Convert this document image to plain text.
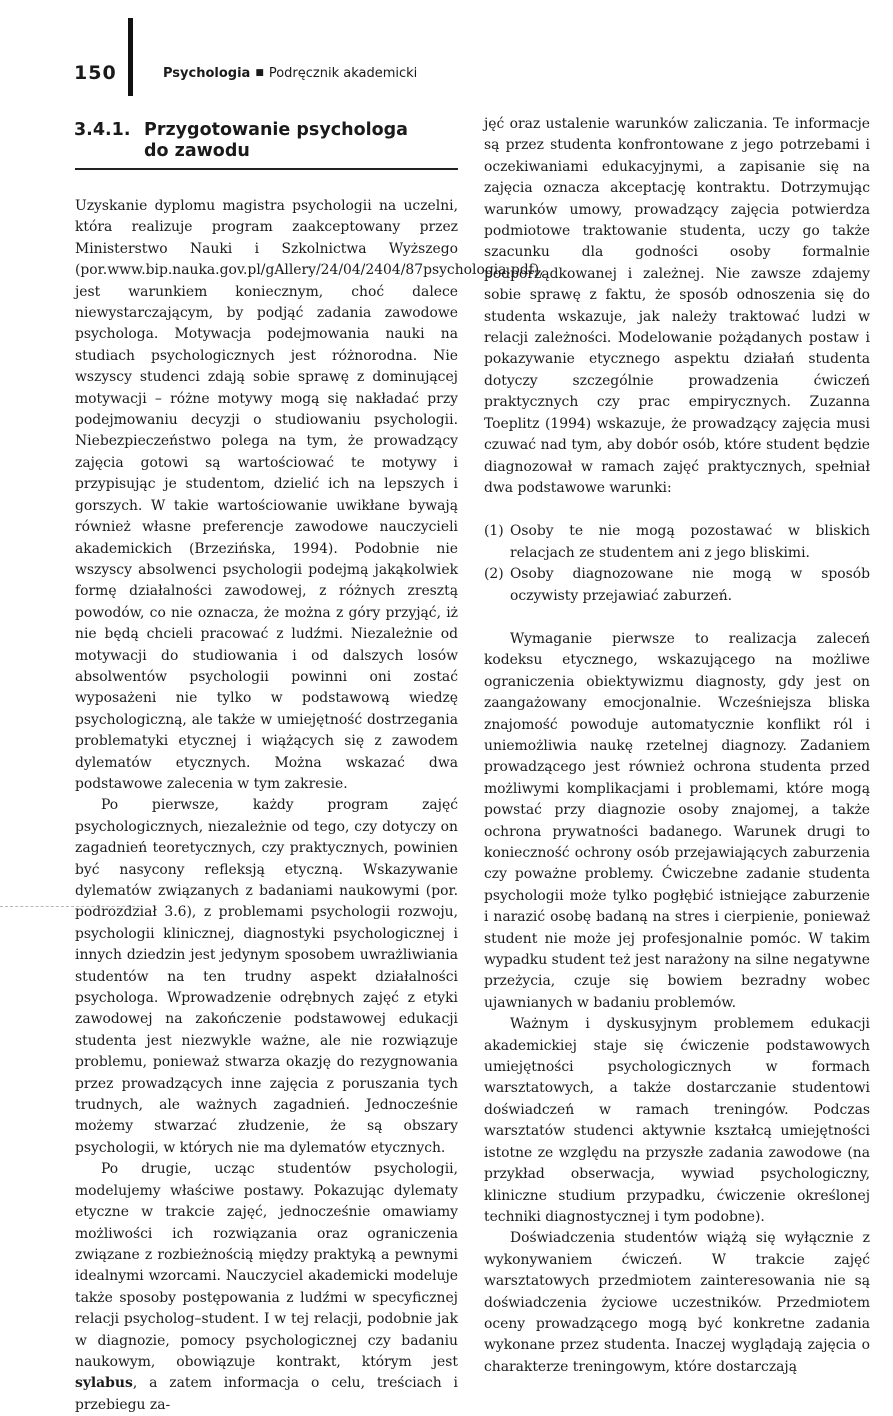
150	Psychologia ■ Podręcznik akademicki
3.4.1. Przygotowanie psychologa
do zawodu

Uzyskanie dyplomu magistra psychologii na uczelni, która realizuje program zaakceptowany przez Ministerstwo Nauki i Szkolnictwa Wyższego (por.www.bip.nauka.gov.pl/gAllery/24/04/2404/87psychologia.pdf), jest warunkiem koniecznym, choć dalece niewystarczającym, by podjąć zadania zawodowe psychologa. Motywacja podejmowania nauki na studiach psychologicznych jest różnorodna. Nie wszyscy studenci zdają sobie sprawę z dominującej motywacji – różne motywy mogą się nakładać przy podejmowaniu decyzji o studiowaniu psychologii. Niebezpieczeństwo polega na tym, że prowadzący zajęcia gotowi są wartościować te motywy i przypisując je studentom, dzielić ich na lepszych i gorszych. W takie wartościowanie uwikłane bywają również własne preferencje zawodowe nauczycieli akademickich (Brzezińska, 1994). Podobnie nie wszyscy absolwenci psychologii podejmą jakąkolwiek formę działalności zawodowej, z różnych zresztą powodów, co nie oznacza, że można z góry przyjąć, iż nie będą chcieli pracować z ludźmi. Niezależnie od motywacji do studiowania i od dalszych losów absolwentów psychologii powinni oni zostać wyposażeni nie tylko w podstawową wiedzę psychologiczną, ale także w umiejętność dostrzegania problematyki etycznej i wiążących się z zawodem dylematów etycznych. Można wskazać dwa podstawowe zalecenia w tym zakresie.

Po pierwsze, każdy program zajęć psychologicznych, niezależnie od tego, czy dotyczy on zagadnień teoretycznych, czy praktycznych, powinien być nasycony refleksją etyczną. Wskazywanie dylematów związanych z badaniami naukowymi (por. podrozdział 3.6), z problemami psychologii rozwoju, psychologii klinicznej, diagnostyki psychologicznej i innych dziedzin jest jedynym sposobem uwrażliwiania studentów na ten trudny aspekt działalności psychologa. Wprowadzenie odrębnych zajęć z etyki zawodowej na zakończenie podstawowej edukacji studenta jest niezwykle ważne, ale nie rozwiązuje problemu, ponieważ stwarza okazję do rezygnowania przez prowadzących inne zajęcia z poruszania tych trudnych, ale ważnych zagadnień. Jednocześnie możemy stwarzać złudzenie, że są obszary psychologii, w których nie ma dylematów etycznych.

Po drugie, ucząc studentów psychologii, modelujemy właściwe postawy. Pokazując dylematy etyczne w trakcie zajęć, jednocześnie omawiamy możliwości ich rozwiązania oraz ograniczenia związane z rozbieżnością między praktyką a pewnymi idealnymi wzorcami. Nauczyciel akademicki modeluje także sposoby postępowania z ludźmi w specyficznej relacji psycholog–student. I w tej relacji, podobnie jak w diagnozie, pomocy psychologicznej czy badaniu naukowym, obowiązuje kontrakt, którym jest sylabus, a zatem informacja o celu, treściach i przebiegu za-

jęć oraz ustalenie warunków zaliczania. Te informacje są przez studenta konfrontowane z jego potrzebami i oczekiwaniami edukacyjnymi, a zapisanie się na zajęcia oznacza akceptację kontraktu. Dotrzymując warunków umowy, prowadzący zajęcia potwierdza podmiotowe traktowanie studenta, uczy go także szacunku dla godności osoby formalnie podporządkowanej i zależnej. Nie zawsze zdajemy sobie sprawę z faktu, że sposób odnoszenia się do studenta wskazuje, jak należy traktować ludzi w relacji zależności. Modelowanie pożądanych postaw i pokazywanie etycznego aspektu działań studenta dotyczy szczególnie prowadzenia ćwiczeń praktycznych czy prac empirycznych. Zuzanna Toeplitz (1994) wskazuje, że prowadzący zajęcia musi czuwać nad tym, aby dobór osób, które student będzie diagnozował w ramach zajęć praktycznych, spełniał dwa podstawowe warunki:

(1) Osoby te nie mogą pozostawać w bliskich relacjach ze studentem ani z jego bliskimi.
(2) Osoby diagnozowane nie mogą w sposób oczywisty przejawiać zaburzeń.

Wymaganie pierwsze to realizacja zaleceń kodeksu etycznego, wskazującego na możliwe ograniczenia obiektywizmu diagnosty, gdy jest on zaangażowany emocjonalnie. Wcześniejsza bliska znajomość powoduje automatycznie konflikt ról i uniemożliwia naukę rzetelnej diagnozy. Zadaniem prowadzącego jest również ochrona studenta przed możliwymi komplikacjami i problemami, które mogą powstać przy diagnozie osoby znajomej, a także ochrona prywatności badanego. Warunek drugi to konieczność ochrony osób przejawiających zaburzenia czy poważne problemy. Ćwiczebne zadanie studenta psychologii może tylko pogłębić istniejące zaburzenie i narazić osobę badaną na stres i cierpienie, ponieważ student nie może jej profesjonalnie pomóc. W takim wypadku student też jest narażony na silne negatywne przeżycia, czuje się bowiem bezradny wobec ujawnianych w badaniu problemów.

Ważnym i dyskusyjnym problemem edukacji akademickiej staje się ćwiczenie podstawowych umiejętności psychologicznych w formach warsztatowych, a także dostarczanie studentowi doświadczeń w ramach treningów. Podczas warsztatów studenci aktywnie kształcą umiejętności istotne ze względu na przyszłe zadania zawodowe (na przykład obserwacja, wywiad psychologiczny, kliniczne studium przypadku, ćwiczenie określonej techniki diagnostycznej i tym podobne).

Doświadczenia studentów wiążą się wyłącznie z wykonywaniem ćwiczeń. W trakcie zajęć warsztatowych przedmiotem zainteresowania nie są doświadczenia życiowe uczestników. Przedmiotem oceny prowadzącego mogą być konkretne zadania wykonane przez studenta. Inaczej wyglądają zajęcia o charakterze treningowym, które dostarczają
